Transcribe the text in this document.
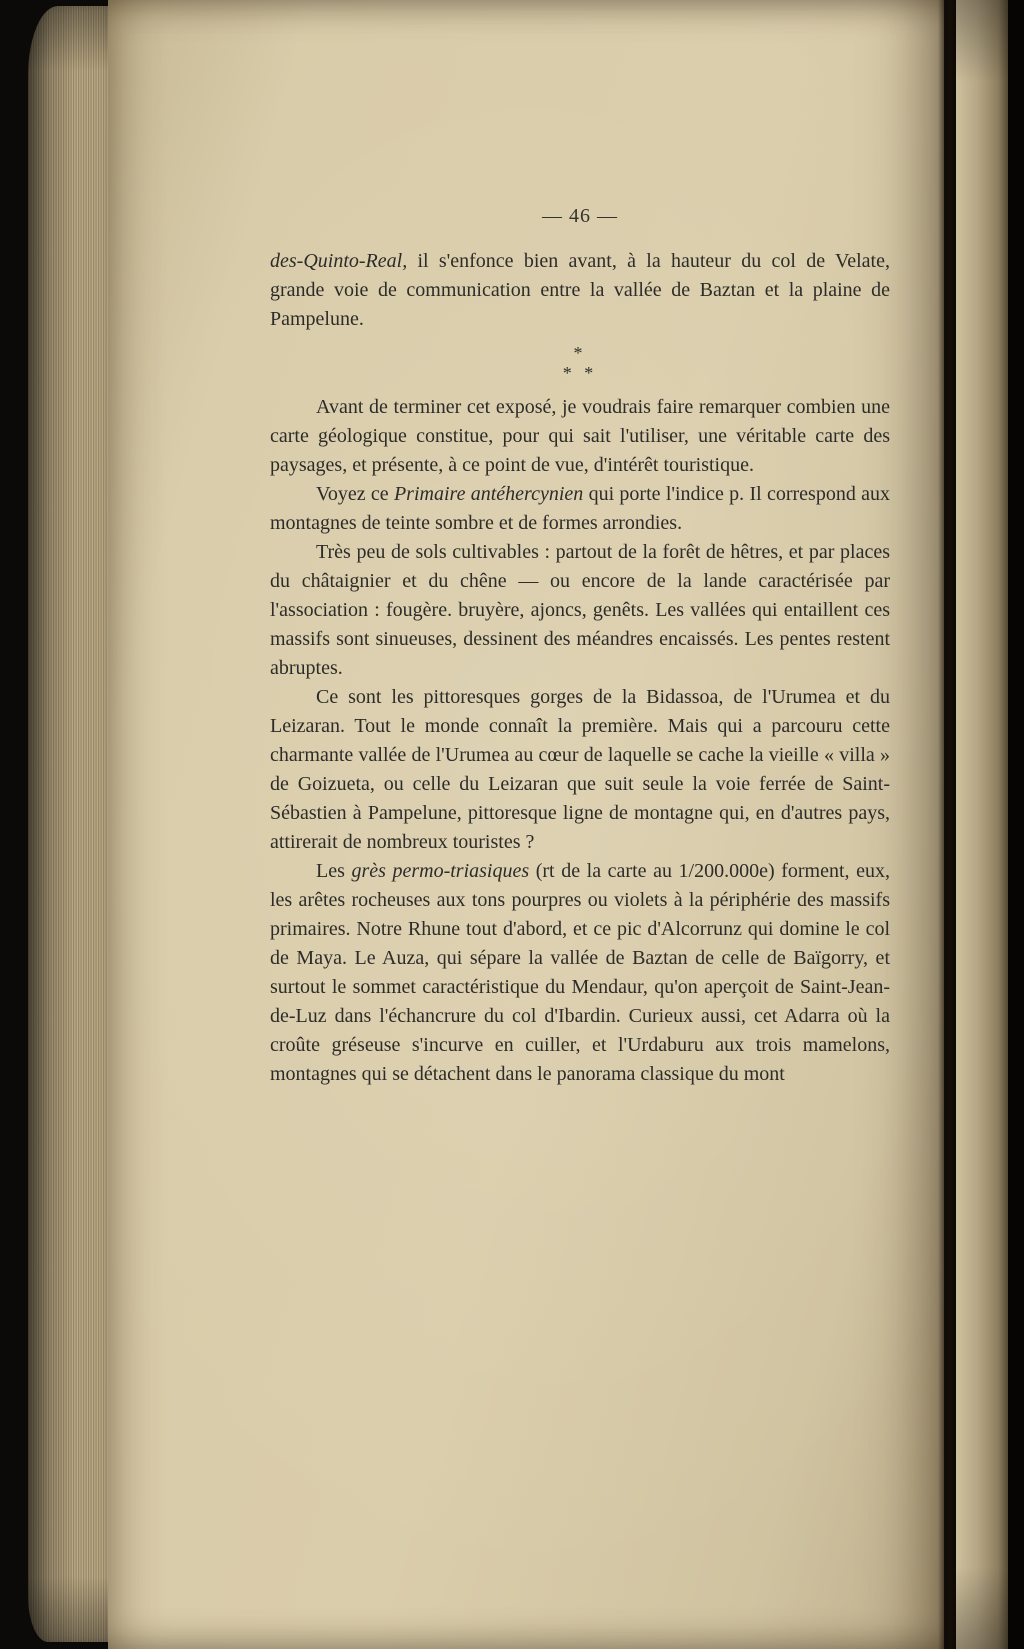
— 46 —

des-Quinto-Real, il s'enfonce bien avant, à la hauteur du col de Velate, grande voie de communication entre la vallée de Baztan et la plaine de Pampelune.

*
* *

Avant de terminer cet exposé, je voudrais faire remarquer combien une carte géologique constitue, pour qui sait l'utiliser, une véritable carte des paysages, et présente, à ce point de vue, d'intérêt touristique.

Voyez ce Primaire antéhercynien qui porte l'indice p. Il correspond aux montagnes de teinte sombre et de formes arrondies.

Très peu de sols cultivables : partout de la forêt de hêtres, et par places du châtaignier et du chêne — ou encore de la lande caractérisée par l'association : fougère. bruyère, ajoncs, genêts. Les vallées qui entaillent ces massifs sont sinueuses, dessinent des méandres encaissés. Les pentes restent abruptes.

Ce sont les pittoresques gorges de la Bidassoa, de l'Urumea et du Leizaran. Tout le monde connaît la première. Mais qui a parcouru cette charmante vallée de l'Urumea au cœur de laquelle se cache la vieille « villa » de Goizueta, ou celle du Leizaran que suit seule la voie ferrée de Saint-Sébastien à Pampelune, pittoresque ligne de montagne qui, en d'autres pays, attirerait de nombreux touristes ?

Les grès permo-triasiques (rt de la carte au 1/200.000e) forment, eux, les arêtes rocheuses aux tons pourpres ou violets à la périphérie des massifs primaires. Notre Rhune tout d'abord, et ce pic d'Alcorrunz qui domine le col de Maya. Le Auza, qui sépare la vallée de Baztan de celle de Baïgorry, et surtout le sommet caractéristique du Mendaur, qu'on aperçoit de Saint-Jean-de-Luz dans l'échancrure du col d'Ibardin. Curieux aussi, cet Adarra où la croûte gréseuse s'incurve en cuiller, et l'Urdaburu aux trois mamelons, montagnes qui se détachent dans le panorama classique du mont
